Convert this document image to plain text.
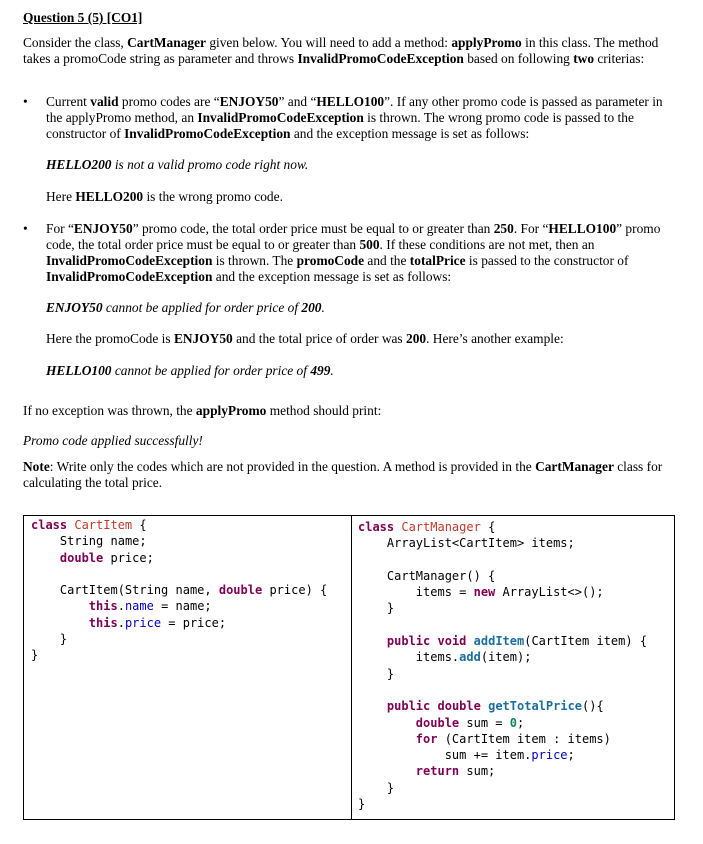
Question 5 (5) [CO1]
Consider the class, CartManager given below. You will need to add a method: applyPromo in this class. The method takes a promoCode string as parameter and throws InvalidPromoCodeException based on following two criterias:
• Current valid promo codes are “ENJOY50” and “HELLO100”. If any other promo code is passed as parameter in the applyPromo method, an InvalidPromoCodeException is thrown. The wrong promo code is passed to the constructor of InvalidPromoCodeException and the exception message is set as follows:
HELLO200 is not a valid promo code right now.
Here HELLO200 is the wrong promo code.
• For “ENJOY50” promo code, the total order price must be equal to or greater than 250. For “HELLO100” promo code, the total order price must be equal to or greater than 500. If these conditions are not met, then an InvalidPromoCodeException is thrown. The promoCode and the totalPrice is passed to the constructor of InvalidPromoCodeException and the exception message is set as follows:
ENJOY50 cannot be applied for order price of 200.
Here the promoCode is ENJOY50 and the total price of order was 200. Here’s another example:
HELLO100 cannot be applied for order price of 499.
If no exception was thrown, the applyPromo method should print:
Promo code applied successfully!
Note: Write only the codes which are not provided in the question. A method is provided in the CartManager class for calculating the total price.
class CartItem {
String name;
double price;

CartItem(String name, double price) {
this.name = name;
this.price = price;
}
}
class CartManager {
ArrayList<CartItem> items;

CartManager() {
items = new ArrayList<>();
}

public void addItem(CartItem item) {
items.add(item);
}

public double getTotalPrice(){
double sum = 0;
for (CartItem item : items)
sum += item.price;
return sum;
}
}
